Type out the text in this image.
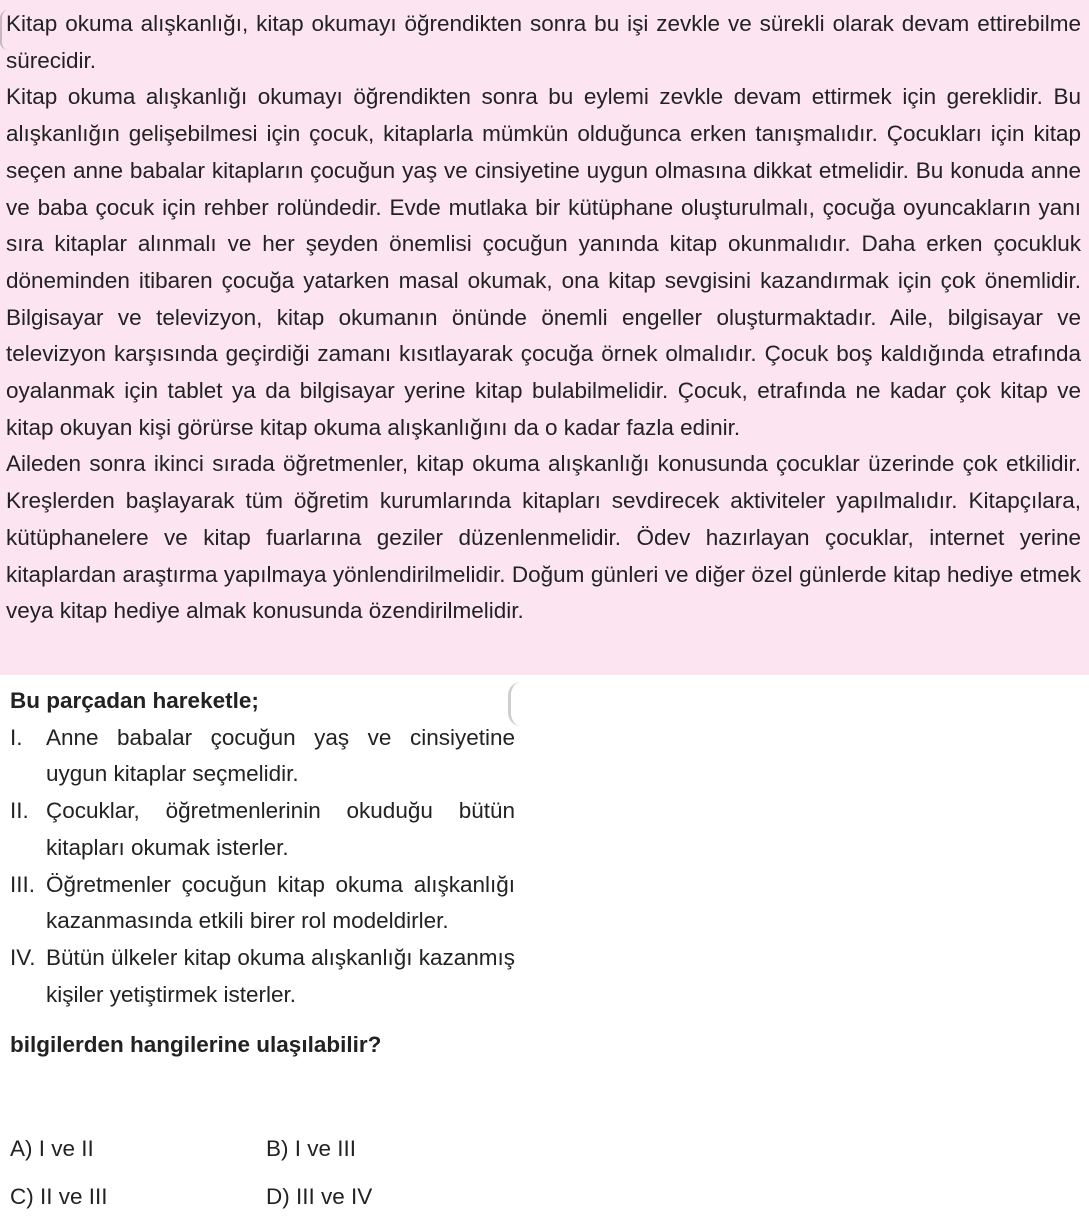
Kitap okuma alışkanlığı, kitap okumayı öğrendikten sonra bu işi zevkle ve sürekli olarak devam ettirebilme sürecidir.

Kitap okuma alışkanlığı okumayı öğrendikten sonra bu eylemi zevkle devam ettirmek için gereklidir. Bu alışkanlığın gelişebilmesi için çocuk, kitaplarla mümkün olduğunca erken tanışmalıdır. Çocukları için kitap seçen anne babalar kitapların çocuğun yaş ve cinsiyetine uygun olmasına dikkat etmelidir. Bu konuda anne ve baba çocuk için rehber rolündedir. Evde mutlaka bir kütüphane oluşturulmalı, çocuğa oyuncakların yanı sıra kitaplar alınmalı ve her şeyden önemlisi çocuğun yanında kitap okunmalıdır. Daha erken çocukluk döneminden itibaren çocuğa yatarken masal okumak, ona kitap sevgisini kazandırmak için çok önemlidir. Bilgisayar ve televizyon, kitap okumanın önünde önemli engeller oluşturmaktadır. Aile, bilgisayar ve televizyon karşısında geçirdiği zamanı kısıtlayarak çocuğa örnek olmalıdır. Çocuk boş kaldığında etrafında oyalanmak için tablet ya da bilgisayar yerine kitap bulabilmelidir. Çocuk, etrafında ne kadar çok kitap ve kitap okuyan kişi görürse kitap okuma alışkanlığını da o kadar fazla edinir.

Aileden sonra ikinci sırada öğretmenler, kitap okuma alışkanlığı konusunda çocuklar üzerinde çok etkilidir. Kreşlerden başlayarak tüm öğretim kurumlarında kitapları sevdirecek aktiviteler yapılmalıdır. Kitapçılara, kütüphanelere ve kitap fuarlarına geziler düzenlenmelidir. Ödev hazırlayan çocuklar, internet yerine kitaplardan araştırma yapılmaya yönlendirilmelidir. Doğum günleri ve diğer özel günlerde kitap hediye etmek veya kitap hediye almak konusunda özendirilmelidir.

Bu parçadan hareketle;

I.	Anne babalar çocuğun yaş ve cinsiyetine uygun kitaplar seçmelidir.
II. Çocuklar, öğretmenlerinin okuduğu bütün kitapları okumak isterler.
III. Öğretmenler çocuğun kitap okuma alışkanlığı kazanmasında etkili birer rol modeldirler.
IV. Bütün ülkeler kitap okuma alışkanlığı kazanmış kişiler yetiştirmek isterler.

bilgilerden hangilerine ulaşılabilir?

A) I ve II	B) I ve III
C) II ve III	D) III ve IV
